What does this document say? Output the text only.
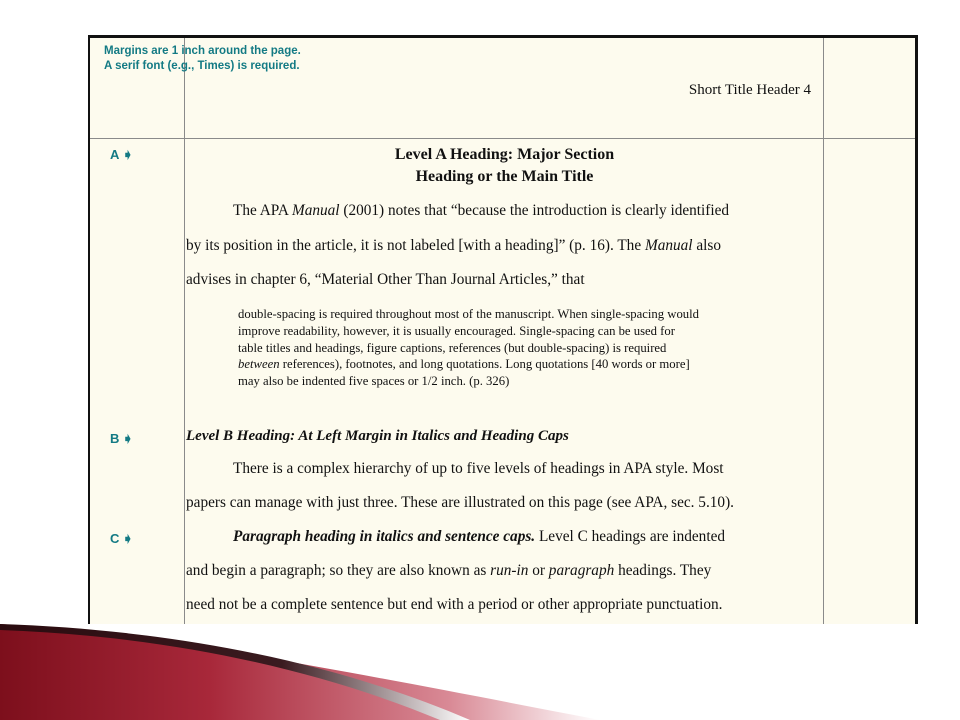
Margins are 1 inch around the page.
A serif font (e.g., Times) is required.
Short Title Header 4
A ➧	Level A Heading: Major Section
Heading or the Main Title
The APA Manual (2001) notes that “because the introduction is clearly identified
by its position in the article, it is not labeled [with a heading]” (p. 16). The Manual also
advises in chapter 6, “Material Other Than Journal Articles,” that
double-spacing is required throughout most of the manuscript. When single-spacing would
improve readability, however, it is usually encouraged. Single-spacing can be used for
table titles and headings, figure captions, references (but double-spacing) is required
between references), footnotes, and long quotations. Long quotations [40 words or more]
may also be indented five spaces or 1/2 inch. (p. 326)
B ➧	Level B Heading: At Left Margin in Italics and Heading Caps
There is a complex hierarchy of up to five levels of headings in APA style. Most
papers can manage with just three. These are illustrated on this page (see APA, sec. 5.10).
C ➧	Paragraph heading in italics and sentence caps. Level C headings are indented
and begin a paragraph; so they are also known as run-in or paragraph headings. They
need not be a complete sentence but end with a period or other appropriate punctuation.
